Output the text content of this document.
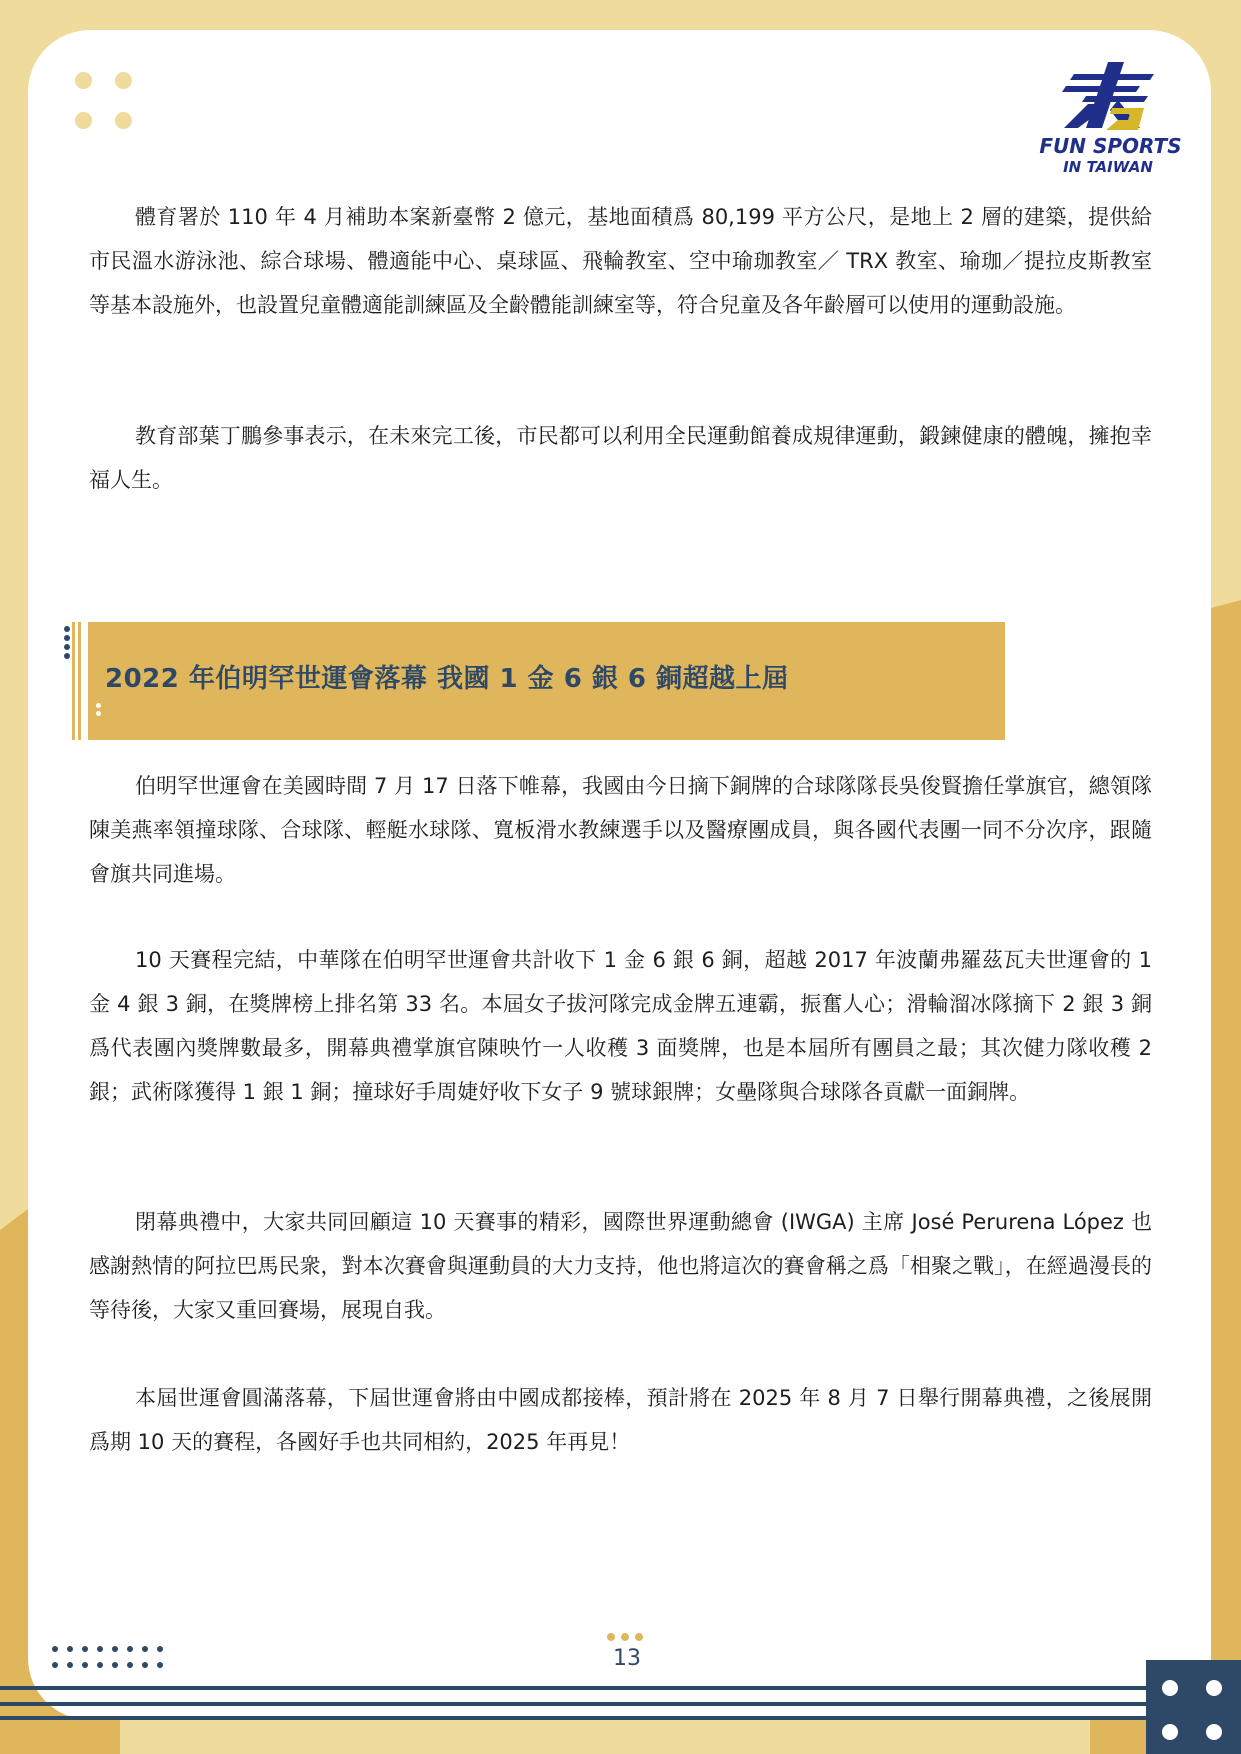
FUN SPORTS
IN TAIWAN

體育署於 110 年 4 月補助本案新臺幣 2 億元，基地面積爲 80,199 平方公尺，是地上 2 層的建築，提供給市民溫水游泳池、綜合球場、體適能中心、桌球區、飛輪教室、空中瑜珈教室／ TRX 教室、瑜珈／提拉皮斯教室等基本設施外，也設置兒童體適能訓練區及全齡體能訓練室等，符合兒童及各年齡層可以使用的運動設施。

教育部葉丁鵬參事表示，在未來完工後，市民都可以利用全民運動館養成規律運動，鍛鍊健康的體魄，擁抱幸福人生。

2022 年伯明罕世運會落幕 我國 1 金 6 銀 6 銅超越上屆

伯明罕世運會在美國時間 7 月 17 日落下帷幕，我國由今日摘下銅牌的合球隊隊長吳俊賢擔任掌旗官，總領隊陳美燕率領撞球隊、合球隊、輕艇水球隊、寬板滑水教練選手以及醫療團成員，與各國代表團一同不分次序，跟隨會旗共同進場。

10 天賽程完結，中華隊在伯明罕世運會共計收下 1 金 6 銀 6 銅，超越 2017 年波蘭弗羅茲瓦夫世運會的 1 金 4 銀 3 銅，在獎牌榜上排名第 33 名。本屆女子拔河隊完成金牌五連霸，振奮人心；滑輪溜冰隊摘下 2 銀 3 銅爲代表團內獎牌數最多，開幕典禮掌旗官陳映竹一人收穫 3 面獎牌，也是本屆所有團員之最；其次健力隊收穫 2 銀；武術隊獲得 1 銀 1 銅；撞球好手周婕妤收下女子 9 號球銀牌；女壘隊與合球隊各貢獻一面銅牌。

閉幕典禮中，大家共同回顧這 10 天賽事的精彩，國際世界運動總會 (IWGA) 主席 José Perurena López 也感謝熱情的阿拉巴馬民衆，對本次賽會與運動員的大力支持，他也將這次的賽會稱之爲「相聚之戰」，在經過漫長的等待後，大家又重回賽場，展現自我。

本屆世運會圓滿落幕，下屆世運會將由中國成都接棒，預計將在 2025 年 8 月 7 日舉行開幕典禮，之後展開爲期 10 天的賽程，各國好手也共同相約，2025 年再見！

13
